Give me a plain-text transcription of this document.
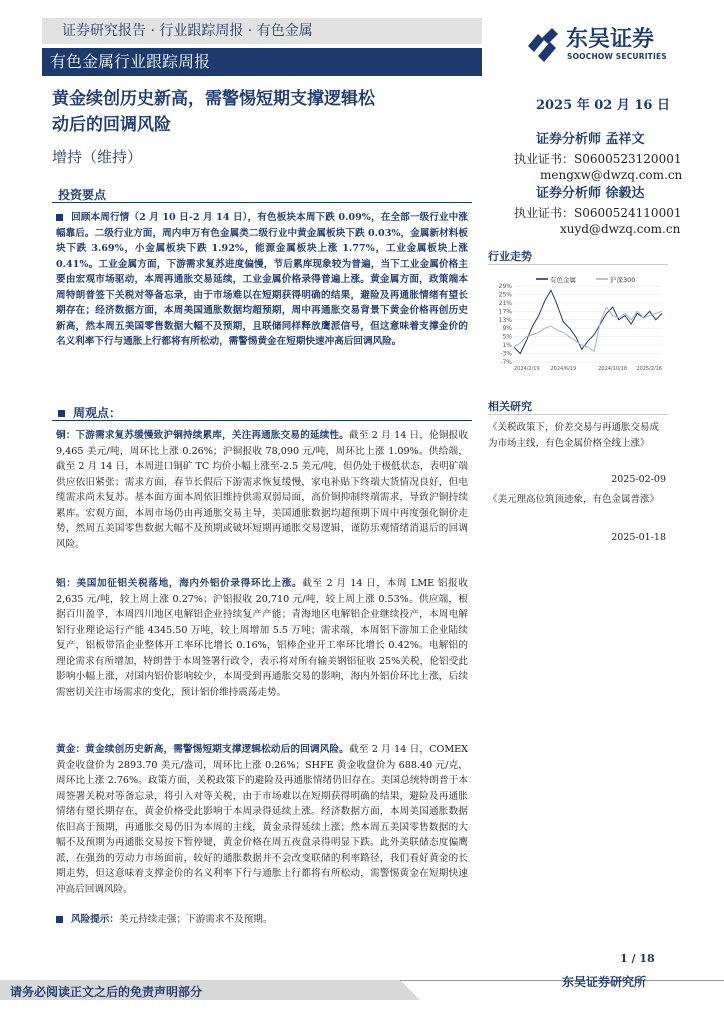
证券研究报告 · 行业跟踪周报 · 有色金属
有色金属行业跟踪周报
东吴证券
SOOCHOW SECURITIES
黄金续创历史新高，需警惕短期支撑逻辑松
动后的回调风险
增持（维持）
2025 年 02 月 16 日
证券分析师 孟祥文
执业证书：S0600523120001
mengxw@dwzq.com.cn
证券分析师 徐毅达
执业证书：S0600524110001
xuyd@dwzq.com.cn
投资要点
回顾本周行情（2 月 10 日-2 月 14 日），有色板块本周下跌 0.09%，在全部一级行业中涨幅靠后。二级行业方面，周内申万有色金属类二级行业中黄金属板块下跌 0.03%，金属新材料板块下跌 3.69%，小金属板块下跌 1.92%，能源金属板块上涨 1.77%，工业金属板块上涨 0.41%。工业金属方面，下游需求复苏进度偏慢，节后累库现象较为普遍，当下工业金属价格主要由宏观市场驱动，本周再通胀交易延续，工业金属价格录得普遍上涨。黄金属方面，政策端本周特朗普签下关税对等备忘录，由于市场难以在短期获得明确的结果，避险及再通胀情绪有望长期存在；经济数据方面，本周美国通胀数据均超预期，周中再通胀交易背景下黄金价格再创历史新高，然本周五美国零售数据大幅不及预期，且联储同样释放鹰派信号，但这意味着支撑金价的名义利率下行与通胀上行都将有所松动，需警惕黄金在短期快速冲高后回调风险。
周观点：
铜：下游需求复苏缓慢致沪铜持续累库，关注再通胀交易的延续性。截至 2 月 14 日，伦铜报收 9,465 美元/吨，周环比上涨 0.26%；沪铜报收 78,090 元/吨，周环比上涨 1.09%。供给端，截至 2 月 14 日，本周进口铜矿 TC 均价小幅上涨至-2.5 美元/吨，但仍处于极低状态，表明矿端供应依旧紧张；需求方面，春节长假后下游需求恢复缓慢，家电补贴下终端大货情况良好，但电缆需求尚未复苏。基本面方面本周依旧维持供需双弱局面，高价铜抑制终端需求，导致沪铜持续累库。宏观方面，本周市场仍由再通胀交易主导，美国通胀数据均超预期下周中再度强化铜价走势，然周五美国零售数据大幅不及预期或破坏短期再通胀交易逻辑，谨防乐观情绪消退后的回调风险。
铝：美国加征铝关税落地，海内外铝价录得环比上涨。截至 2 月 14 日，本周 LME 铝报收 2,635 元/吨，较上周上涨 0.27%；沪铝报收 20,710 元/吨，较上周上涨 0.53%。供应端，根据百川盈孚，本周四川地区电解铝企业持续复产产能；青海地区电解铝企业继续投产，本周电解铝行业理论运行产能 4345.50 万吨，较上周增加 5.5 万吨；需求端，本周铝下游加工企业陆续复产，铝板带箔企业整体开工率环比增长 0.16%，铝棒企业开工率环比增长 0.42%。电解铝的理论需求有所增加，特朗普于本周签署行政令，表示将对所有输美钢铝征收 25%关税，伦铝受此影响小幅上涨，对国内铝价影响较少，本周受到再通胀交易的影响，海内外铝价环比上涨，后续需密切关注市场需求的变化，预计铝价维持震荡走势。
黄金：黄金续创历史新高，需警惕短期支撑逻辑松动后的回调风险。截至 2 月 14 日，COMEX 黄金收盘价为 2893.70 美元/盎司，周环比上涨 0.26%；SHFE 黄金收盘价为 688.40 元/克，周环比上涨 2.76%。政策方面，关税政策下的避险及再通胀情绪仍旧存在。美国总统特朗普于本周签署关税对等备忘录，将引入对等关税，由于市场难以在短期获得明确的结果，避险及再通胀情绪有望长期存在，黄金价格受此影响于本周录得延续上涨。经济数据方面，本周美国通胀数据依旧高于预期，再通胀交易仍旧为本周的主线，黄金录得延续上涨；然本周五美国零售数据的大幅不及预期为再通胀交易按下暂停键，黄金价格在周五夜盘录得明显下跌。此外美联储态度偏鹰派，在强劲的劳动力市场面前，较好的通胀数据并不会改变联储的利率路径，我们看好黄金的长期走势，但这意味着支撑金价的名义利率下行与通胀上行都将有所松动，需警惕黄金在短期快速冲高后回调风险。
风险提示：美元持续走强；下游需求不及预期。
行业走势
29%
25%
21%
17%
13%
9%
5%
1%
-3%
-7%
2024/2/19 2024/6/19	2024/10/18 2025/2/16
有色金属	沪深300
相关研究
《关税政策下，价差交易与再通胀交易成为市场主线，有色金属价格全线上涨》
2025-02-09
《美元理高位筑顶迹象，有色金属普涨》
2025-01-18
1 / 18
请务必阅读正文之后的免责声明部分
东吴证券研究所
